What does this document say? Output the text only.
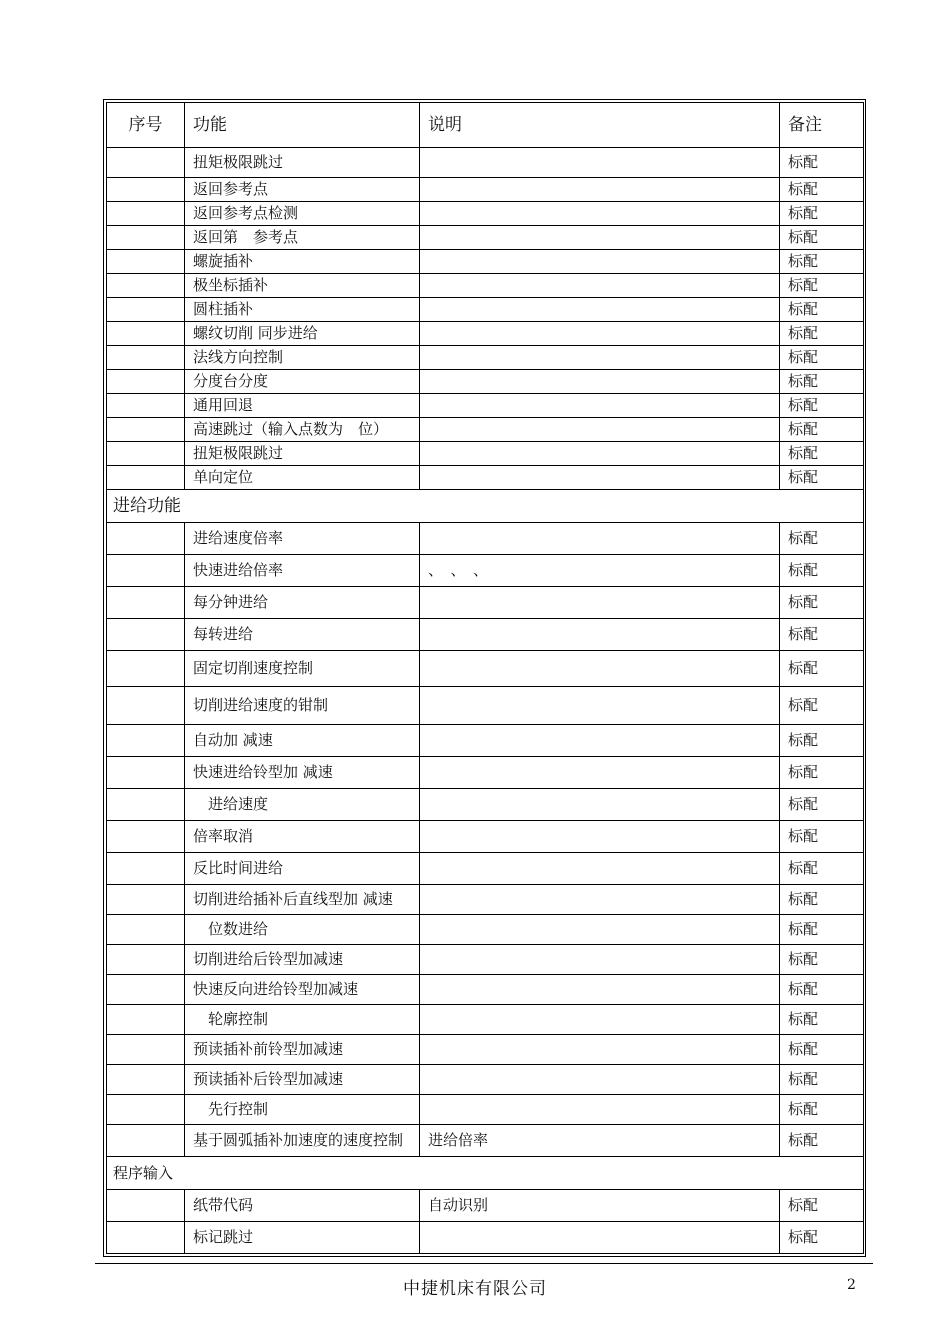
序号	功能	说明	备注
	扭矩极限跳过		标配
	返回参考点		标配
	返回参考点检测		标配
	返回第　参考点		标配
	螺旋插补		标配
	极坐标插补		标配
	圆柱插补		标配
	螺纹切削 同步进给		标配
	法线方向控制		标配
	分度台分度		标配
	通用回退		标配
	高速跳过（输入点数为　位）		标配
	扭矩极限跳过		标配
	单向定位		标配
进给功能			
	进给速度倍率		标配
	快速进给倍率	、　、　、	标配
	每分钟进给		标配
	每转进给		标配
	固定切削速度控制		标配
	切削进给速度的钳制		标配
	自动加 减速		标配
	快速进给铃型加 减速		标配
	　进给速度		标配
	倍率取消		标配
	反比时间进给		标配
	切削进给插补后直线型加 减速		标配
	　位数进给		标配
	切削进给后铃型加减速		标配
	快速反向进给铃型加减速		标配
	　轮廓控制		标配
	预读插补前铃型加减速		标配
	预读插补后铃型加减速		标配
	　先行控制		标配
	基于圆弧插补加速度的速度控制	进给倍率	标配
程序输入			
	纸带代码	自动识别	标配
	标记跳过		标配
中捷机床有限公司	2
